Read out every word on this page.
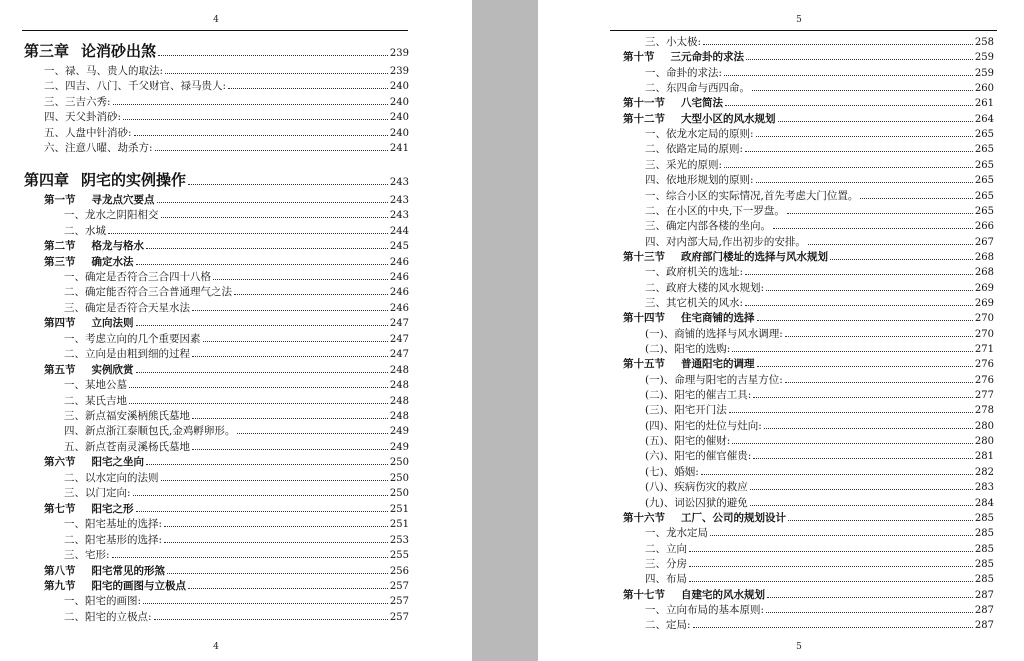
4
第三章 论消砂出煞	239
一、禄、马、贵人的取法:	239
二、四吉、八门、千父财官、禄马贵人:	240
三、三吉六秀:	240
四、天父卦消砂:	240
五、人盘中针消砂:	240
六、注意八曜、劫杀方:	241
第四章 阴宅的实例操作	243
第一节 寻龙点穴要点	243
一、龙水之阴阳相交	243
二、水城	244
第二节 格龙与格水	245
第三节 确定水法	246
一、确定是否符合三合四十八格	246
二、确定能否符合三合普通理气之法	246
三、确定是否符合天星水法	246
第四节 立向法则	247
一、考虑立向的几个重要因素	247
二、立向是由粗到细的过程	247
第五节 实例欣赏	248
一、某地公墓	248
二、某氏吉地	248
三、新点福安溪柄熊氏墓地	248
四、新点浙江泰顺包氏,金鸡孵卵形。	249
五、新点苍南灵溪杨氏墓地	249
第六节 阳宅之坐向	250
二、以水定向的法则	250
三、以门定向:	250
第七节 阳宅之形	251
一、阳宅基址的选择:	251
二、阳宅基形的选择:	253
三、宅形:	255
第八节 阳宅常见的形煞	256
第九节 阳宅的画图与立极点	257
一、阳宅的画图:	257
二、阳宅的立极点:	257
4
5
三、小太极:	258
第十节 三元命卦的求法	259
一、命卦的求法:	259
二、东四命与西四命。	260
第十一节 八宅简法	261
第十二节 大型小区的风水规划	264
一、依龙水定局的原则:	265
二、依路定局的原则:	265
三、采光的原则:	265
四、依地形规划的原则:	265
一、综合小区的实际情况,首先考虑大门位置。	265
二、在小区的中央,下一罗盘。	265
三、确定内部各楼的坐向。	266
四、对内部大局,作出初步的安排。	267
第十三节 政府部门楼址的选择与风水规划	268
一、政府机关的选址:	268
二、政府大楼的风水规划:	269
三、其它机关的风水:	269
第十四节 住宅商铺的选择	270
(一)、商铺的选择与风水调理:	270
(二)、阳宅的选购:	271
第十五节 普通阳宅的调理	276
(一)、命理与阳宅的吉星方位:	276
(二)、阳宅的催吉工具:	277
(三)、阳宅开门法	278
(四)、阳宅的灶位与灶向:	280
(五)、阳宅的催财:	280
(六)、阳宅的催官催贵:	281
(七)、婚姻:	282
(八)、疾病伤灾的救应	283
(九)、词讼囚狱的避免	284
第十六节 工厂、公司的规划设计	285
一、龙水定局	285
二、立向	285
三、分房	285
四、布局	285
第十七节 自建宅的风水规划	287
一、立向布局的基本原则:	287
二、定局:	287
5
